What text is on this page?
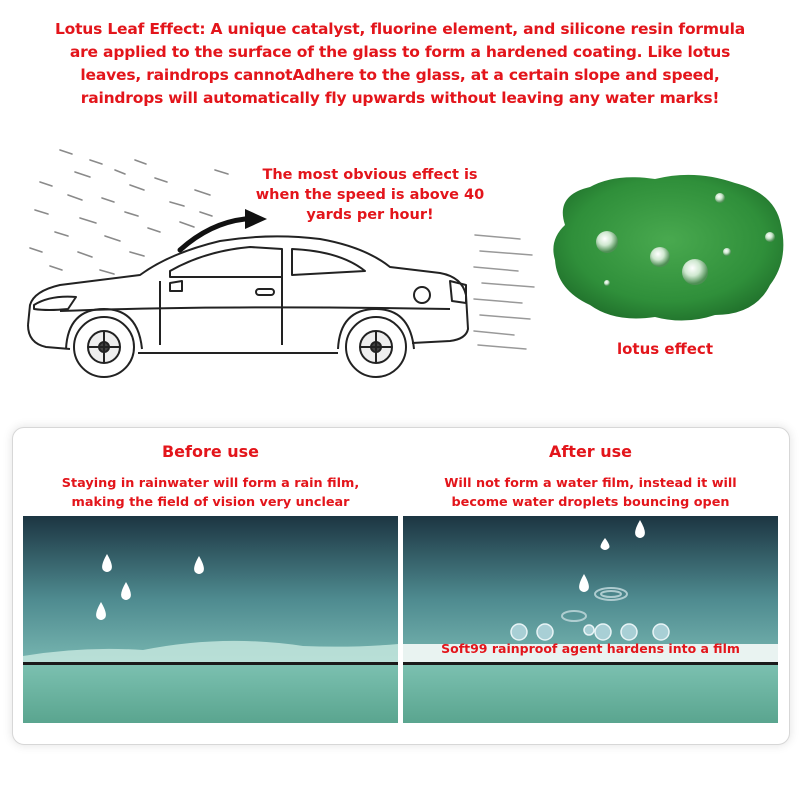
Lotus Leaf Effect: A unique catalyst, fluorine element, and silicone resin formula
are applied to the surface of the glass to form a hardened coating. Like lotus
leaves, raindrops cannotAdhere to the glass, at a certain slope and speed,
raindrops will automatically fly upwards without leaving any water marks!
The most obvious effect is
when the speed is above 40
yards per hour!
lotus effect
Before use
Staying in rainwater will form a rain film,
making the field of vision very unclear
After use
Will not form a water film, instead it will
become water droplets bouncing open
Soft99 rainproof agent hardens into a film
